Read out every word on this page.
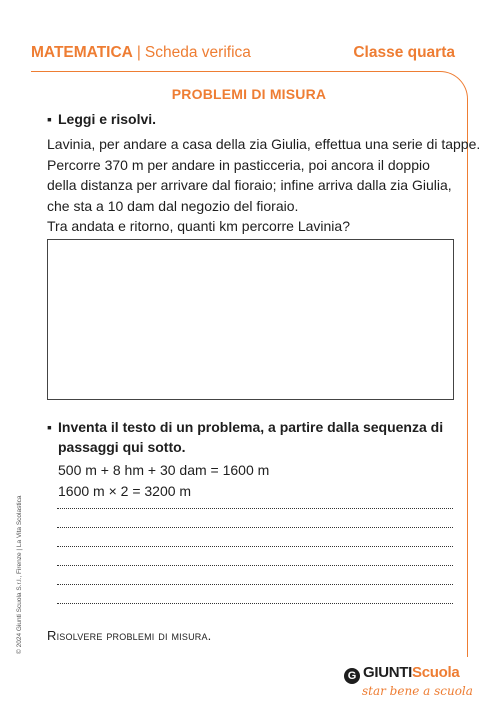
MATEMATICA | Scheda verifica	Classe quarta
PROBLEMI DI MISURA
▪ Leggi e risolvi.
Lavinia, per andare a casa della zia Giulia, effettua una serie di tappe.
Percorre 370 m per andare in pasticceria, poi ancora il doppio
della distanza per arrivare dal fioraio; infine arriva dalla zia Giulia,
che sta a 10 dam dal negozio del fioraio.
Tra andata e ritorno, quanti km percorre Lavinia?
▪ Inventa il testo di un problema, a partire dalla sequenza di
passaggi qui sotto.
500 m + 8 hm + 30 dam = 1600 m
1600 m × 2 = 3200 m
Risolvere problemi di misura.
© 2024 Giunti Scuola S.r.l., Firenze | La Vita Scolastica
G GIUNTIScuola
star bene a scuola
